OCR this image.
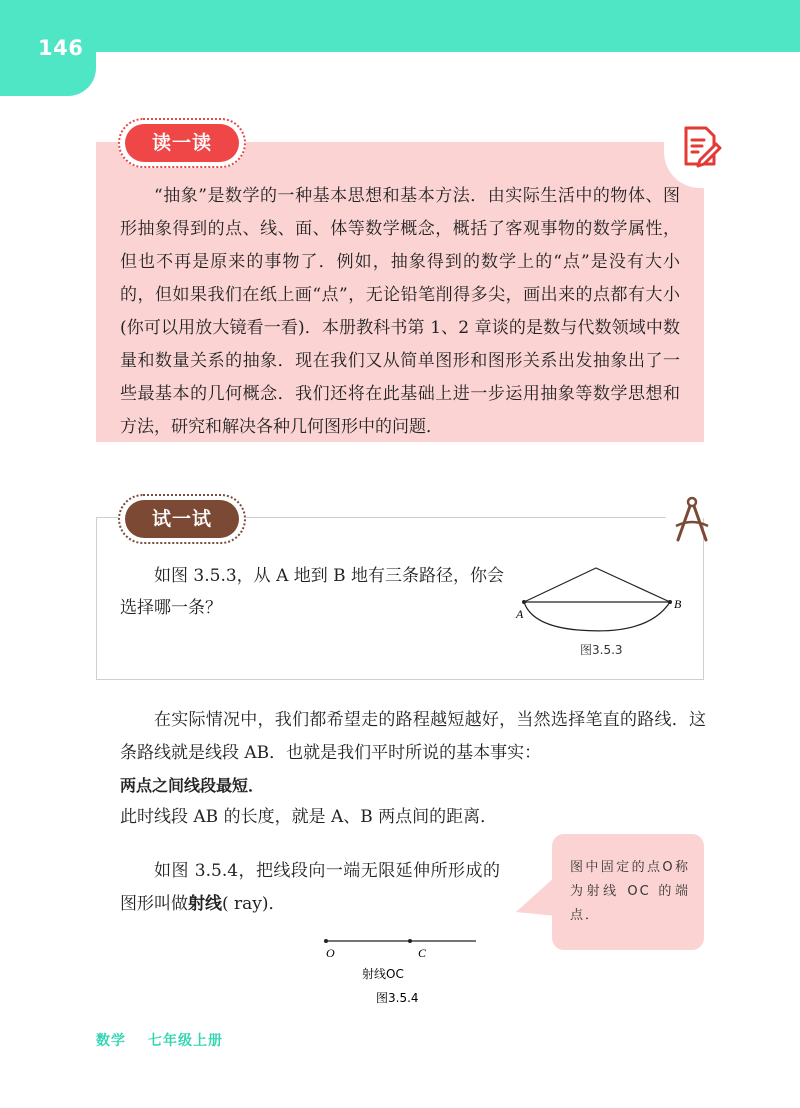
146
读一读

“抽象”是数学的一种基本思想和基本方法．由实际生活中的物体、图形抽象得到的点、线、面、体等数学概念，概括了客观事物的数学属性，但也不再是原来的事物了．例如，抽象得到的数学上的“点”是没有大小的，但如果我们在纸上画“点”，无论铅笔削得多尖，画出来的点都有大小(你可以用放大镜看一看)．本册教科书第 1、2 章谈的是数与代数领域中数量和数量关系的抽象．现在我们又从简单图形和图形关系出发抽象出了一些最基本的几何概念．我们还将在此基础上进一步运用抽象等数学思想和方法，研究和解决各种几何图形中的问题．

试一试

如图 3.5.3，从 A 地到 B 地有三条路径，你会选择哪一条？	A
B
图3.5.3

在实际情况中，我们都希望走的路程越短越好，当然选择笔直的路线．这条路线就是线段 AB．也就是我们平时所说的基本事实：

两点之间线段最短．

此时线段 AB 的长度，就是 A、B 两点间的距离．

如图 3.5.4，把线段向一端无限延伸所形成的图形叫做射线( ray)．

图中固定的点O称为射线 OC 的端点．

O	C
射线OC
图3.5.4
数学 七年级上册
